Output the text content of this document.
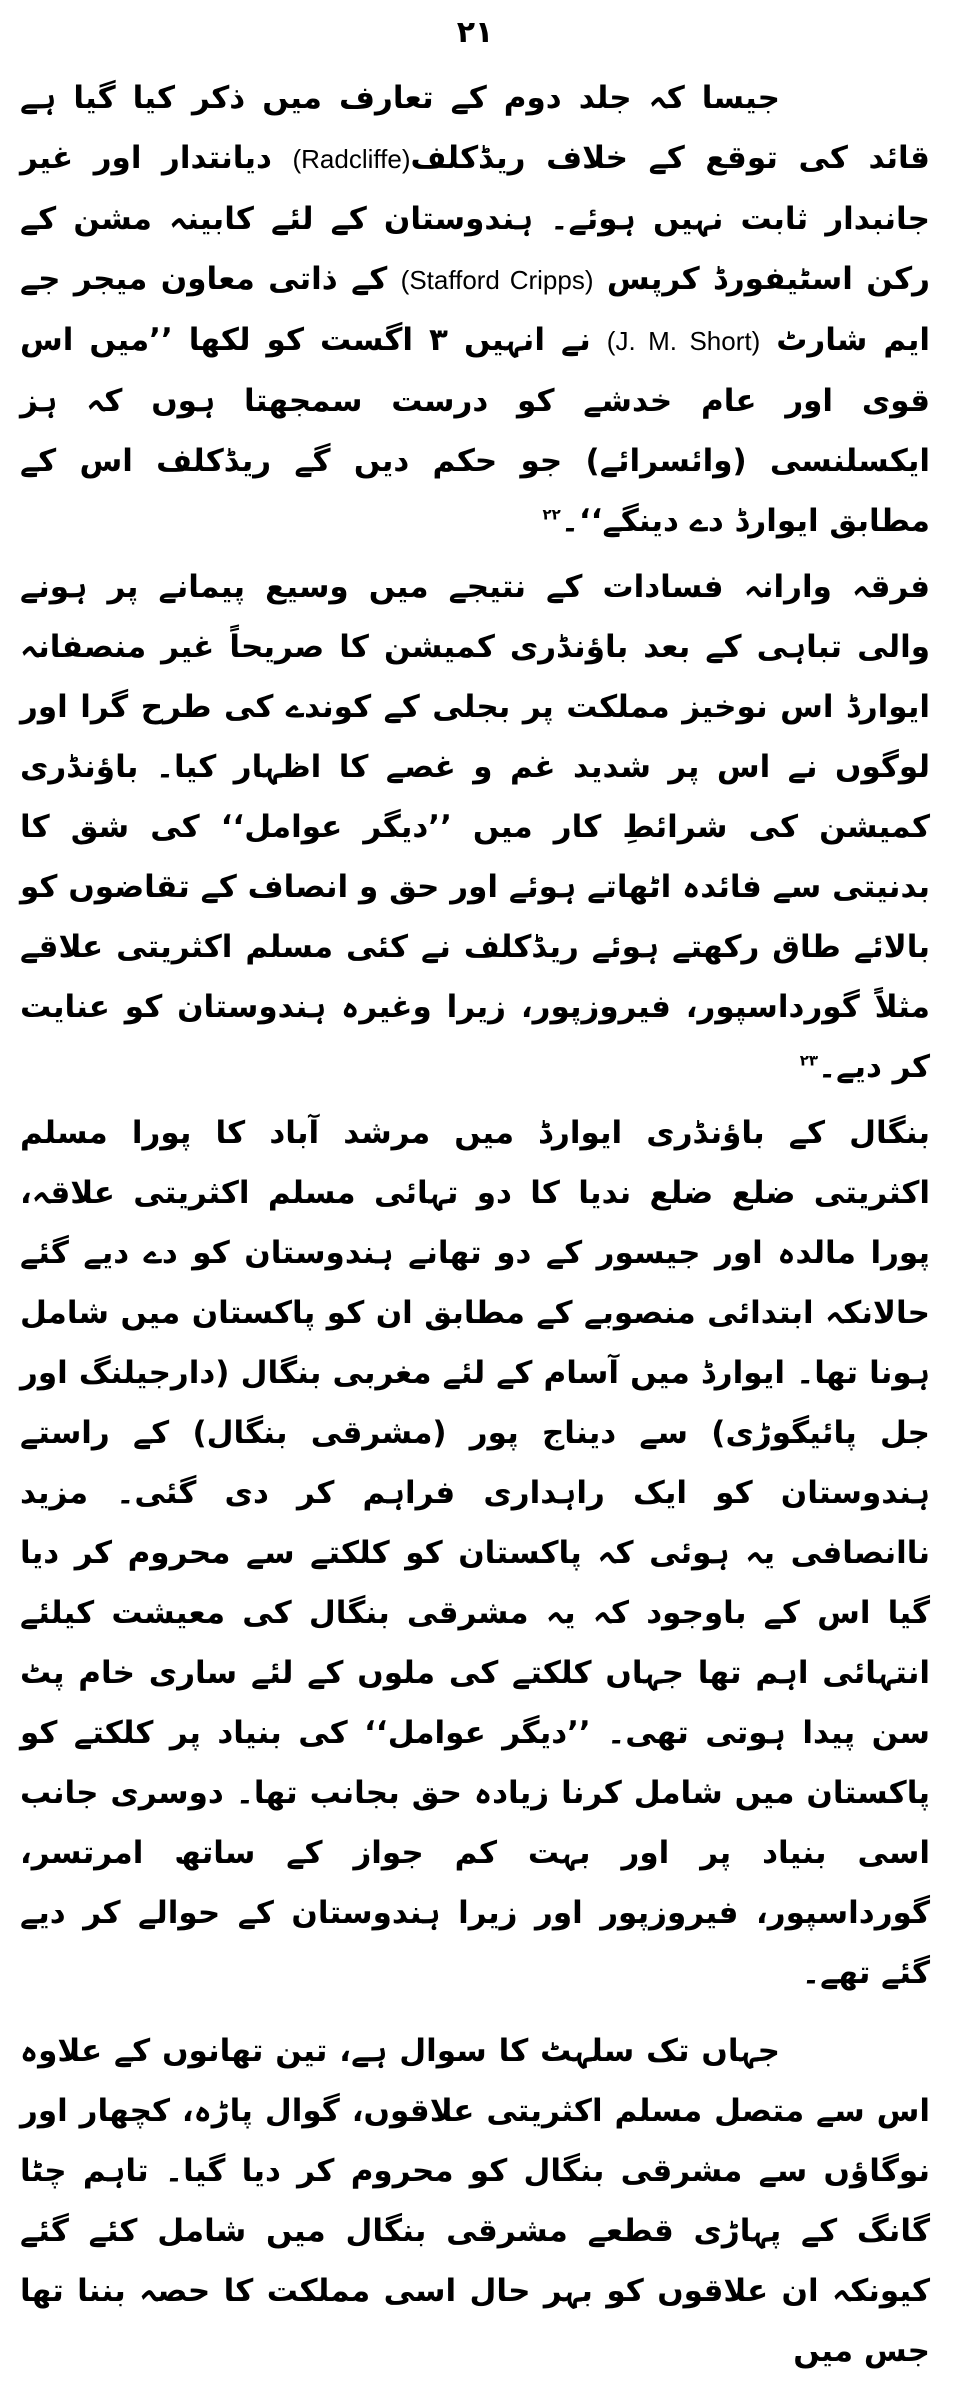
۲۱

جیسا کہ جلد دوم کے تعارف میں ذکر کیا گیا ہے قائد کی توقع کے خلاف ریڈکلف(Radcliffe) دیانتدار اور غیر جانبدار ثابت نہیں ہوئے۔ ہندوستان کے لئے کابینہ مشن کے رکن اسٹیفورڈ کرپس (Stafford Cripps) کے ذاتی معاون میجر جے ایم شارٹ (J. M. Short) نے انہیں ۳ اگست کو لکھا ’’میں اس قوی اور عام خدشے کو درست سمجھتا ہوں کہ ہز ایکسلنسی (وائسرائے) جو حکم دیں گے ریڈکلف اس کے مطابق ایوارڈ دے دینگے‘‘۔$^{۲۲}$

فرقہ وارانہ فسادات کے نتیجے میں وسیع پیمانے پر ہونے والی تباہی کے بعد باؤنڈری کمیشن کا صریحاً غیر منصفانہ ایوارڈ اس نوخیز مملکت پر بجلی کے کوندے کی طرح گرا اور لوگوں نے اس پر شدید غم و غصے کا اظہار کیا۔ باؤنڈری کمیشن کی شرائطِ کار میں ’’دیگر عوامل‘‘ کی شق کا بدنیتی سے فائدہ اٹھاتے ہوئے اور حق و انصاف کے تقاضوں کو بالائے طاق رکھتے ہوئے ریڈکلف نے کئی مسلم اکثریتی علاقے مثلاً گورداسپور، فیروزپور، زیرا وغیرہ ہندوستان کو عنایت کر دیے۔$^{۲۳}$

بنگال کے باؤنڈری ایوارڈ میں مرشد آباد کا پورا مسلم اکثریتی ضلع ضلع ندیا کا دو تہائی مسلم اکثریتی علاقہ، پورا مالدہ اور جیسور کے دو تھانے ہندوستان کو دے دیے گئے حالانکہ ابتدائی منصوبے کے مطابق ان کو پاکستان میں شامل ہونا تھا۔ ایوارڈ میں آسام کے لئے مغربی بنگال (دارجیلنگ اور جل پائیگوڑی) سے دیناج پور (مشرقی بنگال) کے راستے ہندوستان کو ایک راہداری فراہم کر دی گئی۔ مزید ناانصافی یہ ہوئی کہ پاکستان کو کلکتے سے محروم کر دیا گیا اس کے باوجود کہ یہ مشرقی بنگال کی معیشت کیلئے انتہائی اہم تھا جہاں کلکتے کی ملوں کے لئے ساری خام پٹ سن پیدا ہوتی تھی۔ ’’دیگر عوامل‘‘ کی بنیاد پر کلکتے کو پاکستان میں شامل کرنا زیادہ حق بجانب تھا۔ دوسری جانب اسی بنیاد پر اور بہت کم جواز کے ساتھ امرتسر، گورداسپور، فیروزپور اور زیرا ہندوستان کے حوالے کر دیے گئے تھے۔

جہاں تک سلہٹ کا سوال ہے، تین تھانوں کے علاوہ اس سے متصل مسلم اکثریتی علاقوں، گوال پاڑہ، کچھار اور نوگاؤں سے مشرقی بنگال کو محروم کر دیا گیا۔ تاہم چٹا گانگ کے پہاڑی قطعے مشرقی بنگال میں شامل کئے گئے کیونکہ ان علاقوں کو بہر حال اسی مملکت کا حصہ بننا تھا جس میں
